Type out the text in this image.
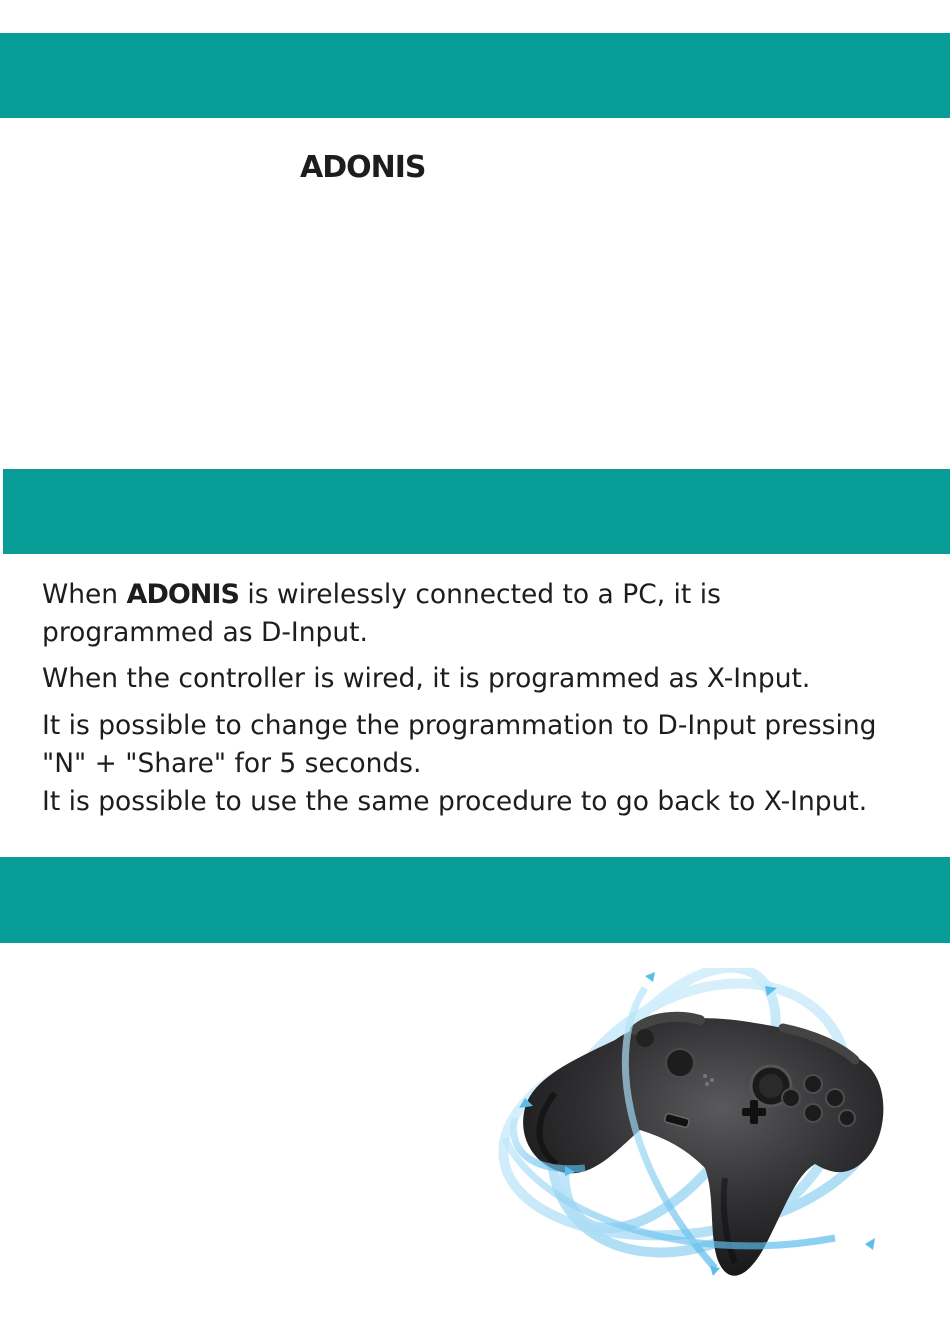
ADONIS

When ADONIS is wirelessly connected to a PC, it is
programmed as D-Input.

When the controller is wired, it is programmed as X-Input.

It is possible to change the programmation to D-Input pressing
"N" + "Share" for 5 seconds.
It is possible to use the same procedure to go back to X-Input.
